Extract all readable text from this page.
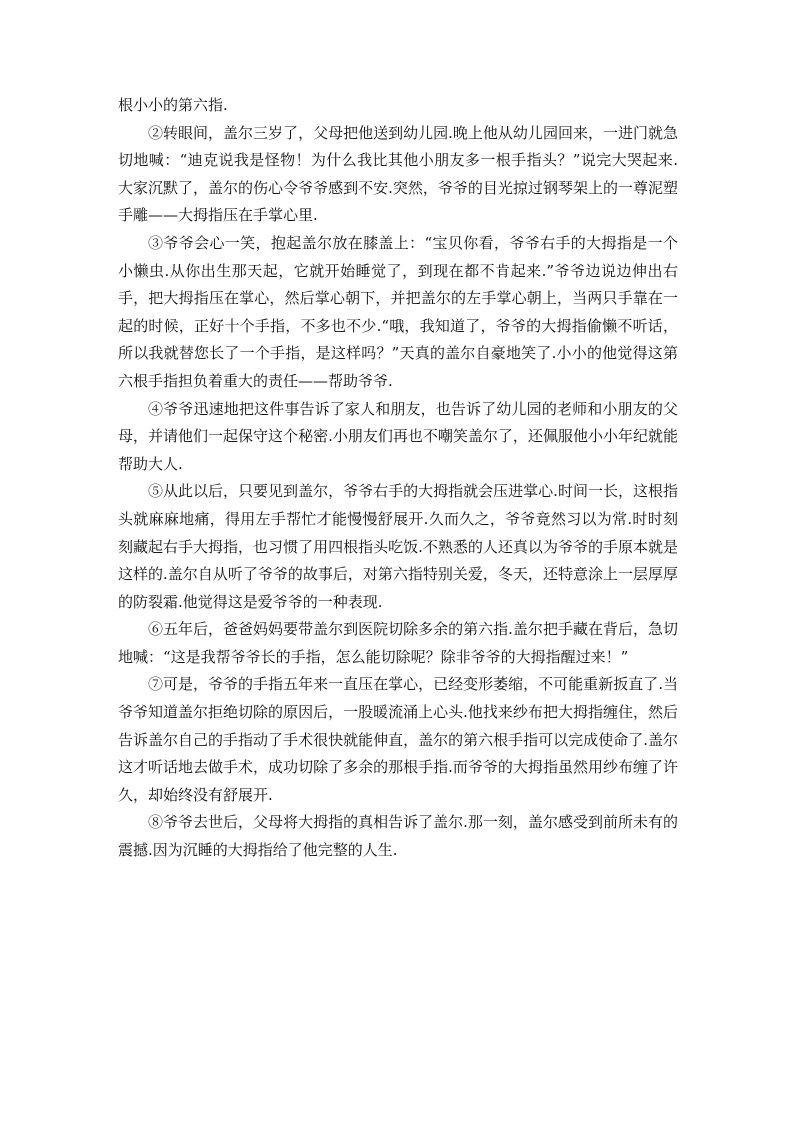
根小小的第六指.

②转眼间，盖尔三岁了，父母把他送到幼儿园.晚上他从幼儿园回来，一进门就急切地喊：“迪克说我是怪物！为什么我比其他小朋友多一根手指头？”说完大哭起来.大家沉默了，盖尔的伤心令爷爷感到不安.突然，爷爷的目光掠过钢琴架上的一尊泥塑手雕——大拇指压在手掌心里.

③爷爷会心一笑，抱起盖尔放在膝盖上：“宝贝你看，爷爷右手的大拇指是一个小懒虫.从你出生那天起，它就开始睡觉了，到现在都不肯起来.”爷爷边说边伸出右手，把大拇指压在掌心，然后掌心朝下，并把盖尔的左手掌心朝上，当两只手靠在一起的时候，正好十个手指，不多也不少.“哦，我知道了，爷爷的大拇指偷懒不听话，所以我就替您长了一个手指，是这样吗？”天真的盖尔自豪地笑了.小小的他觉得这第六根手指担负着重大的责任——帮助爷爷.

④爷爷迅速地把这件事告诉了家人和朋友，也告诉了幼儿园的老师和小朋友的父母，并请他们一起保守这个秘密.小朋友们再也不嘲笑盖尔了，还佩服他小小年纪就能帮助大人.

⑤从此以后，只要见到盖尔，爷爷右手的大拇指就会压进掌心.时间一长，这根指头就麻麻地痛，得用左手帮忙才能慢慢舒展开.久而久之，爷爷竟然习以为常.时时刻刻藏起右手大拇指，也习惯了用四根指头吃饭.不熟悉的人还真以为爷爷的手原本就是这样的.盖尔自从听了爷爷的故事后，对第六指特别关爱，冬天，还特意涂上一层厚厚的防裂霜.他觉得这是爱爷爷的一种表现.

⑥五年后，爸爸妈妈要带盖尔到医院切除多余的第六指.盖尔把手藏在背后，急切地喊：“这是我帮爷爷长的手指，怎么能切除呢？除非爷爷的大拇指醒过来！”

⑦可是，爷爷的手指五年来一直压在掌心，已经变形萎缩，不可能重新扳直了.当爷爷知道盖尔拒绝切除的原因后，一股暖流涌上心头.他找来纱布把大拇指缠住，然后告诉盖尔自己的手指动了手术很快就能伸直，盖尔的第六根手指可以完成使命了.盖尔这才听话地去做手术，成功切除了多余的那根手指.而爷爷的大拇指虽然用纱布缠了许久，却始终没有舒展开.

⑧爷爷去世后，父母将大拇指的真相告诉了盖尔.那一刻，盖尔感受到前所未有的震撼.因为沉睡的大拇指给了他完整的人生.
